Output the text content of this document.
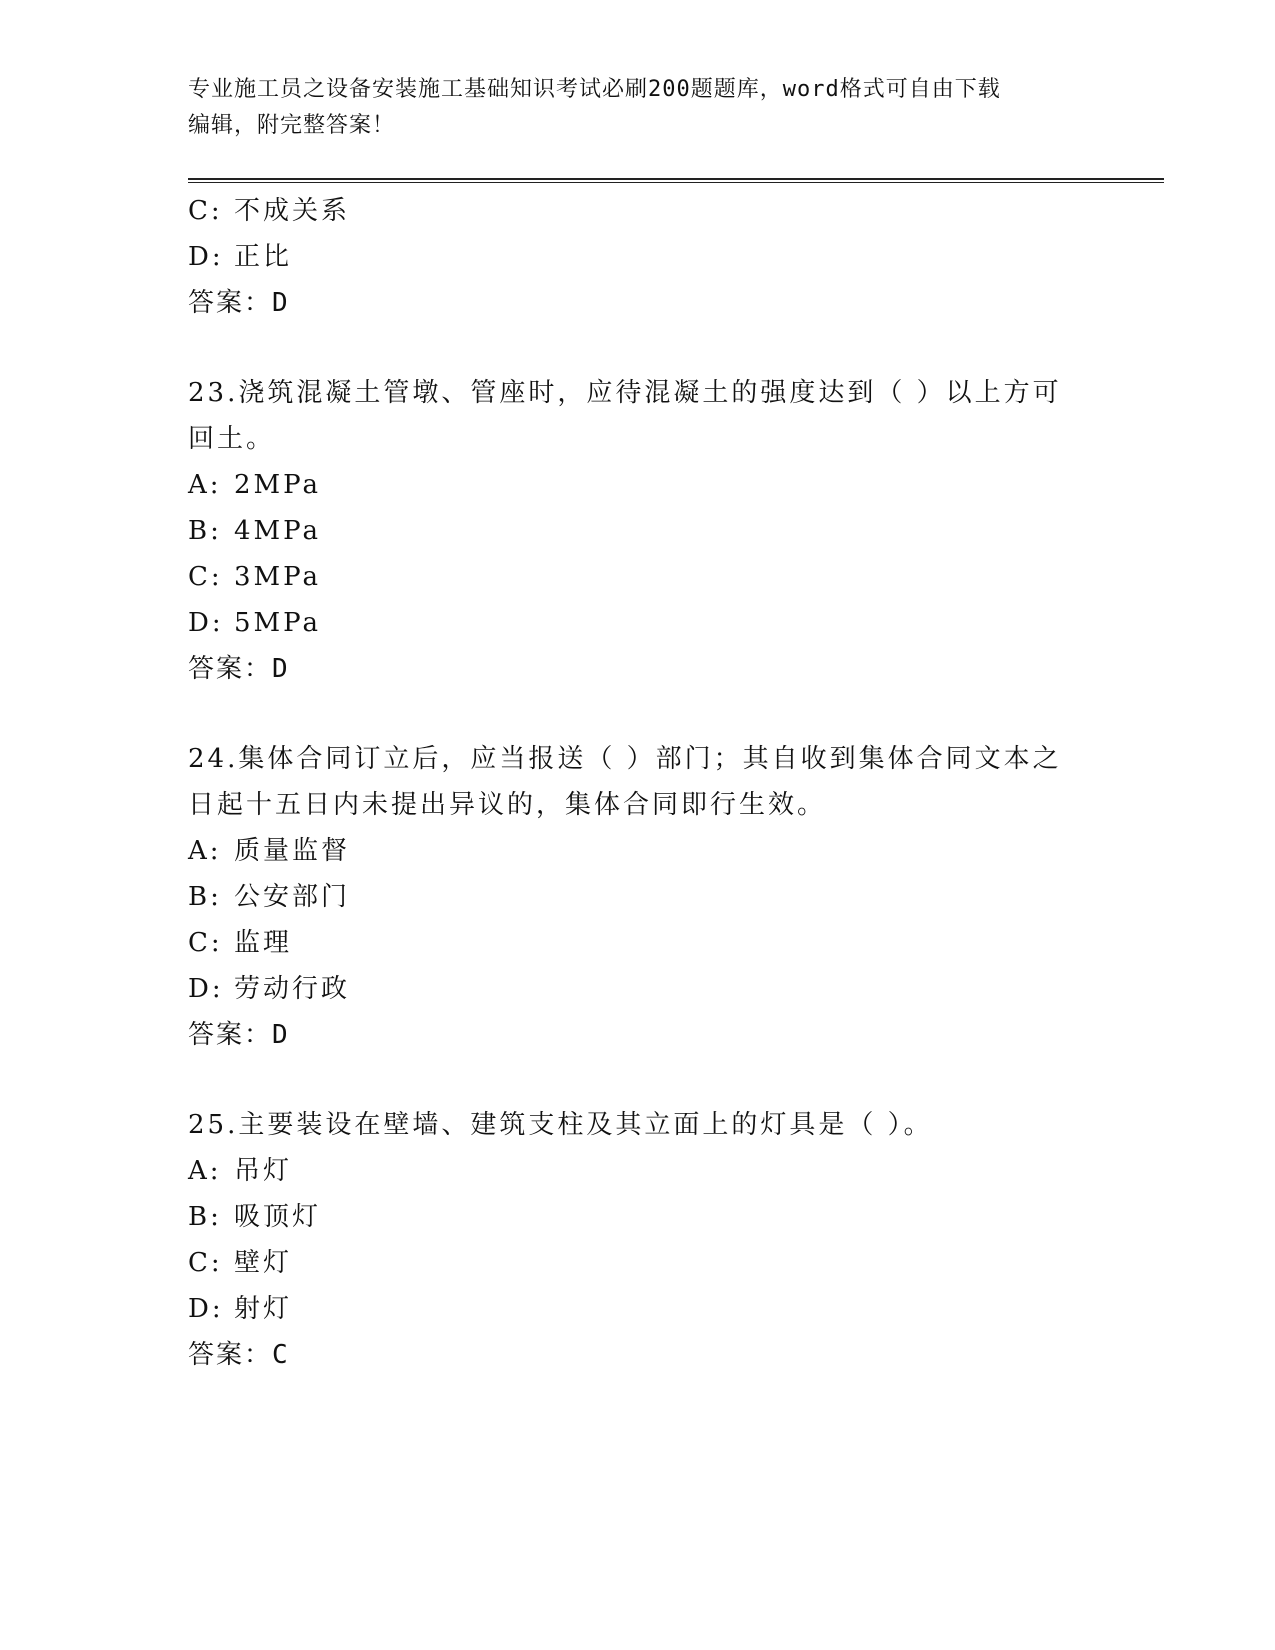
专业施工员之设备安装施工基础知识考试必刷200题题库，word格式可自由下载
编辑，附完整答案！
C: 不成关系
D: 正比
答案：D
23.浇筑混凝土管墩、管座时，应待混凝土的强度达到（ ）以上方可
回土。
A: 2MPa
B: 4MPa
C: 3MPa
D: 5MPa
答案：D
24.集体合同订立后，应当报送（ ）部门；其自收到集体合同文本之
日起十五日内未提出异议的，集体合同即行生效。
A: 质量监督
B: 公安部门
C: 监理
D: 劳动行政
答案：D
25.主要装设在壁墙、建筑支柱及其立面上的灯具是（ ）。
A: 吊灯
B: 吸顶灯
C: 壁灯
D: 射灯
答案：C
